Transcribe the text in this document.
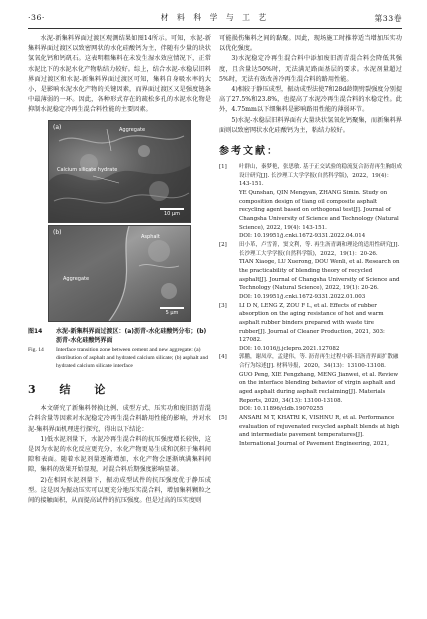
·36·	材 料 科 学 与 工 艺	第33卷

水泥-新集料界面过渡区观测结果如图14所示。可知，水泥-新集料界面过渡区以致密网状的水化硅酸钙为主，伴随有少量的块状氢氧化钙和钙矾石。这表明粗集料在未发生湿水效应情况下，正常水泥比下的水泥水化产物粘结力较好。综上，结合水泥-水稳层旧料界面过渡区和水泥-新集料界面过渡区可知，集料自身吸水率的大小，是影响水泥水化产物的关键因素，而界面过渡区又是强度链条中最薄弱的一环。因此，各种形式存在的疏松多孔的水泥水化物是抑制水泥稳定冷再生混合料性能的主要因素。

(a)	Aggregate
Calcium silicate hydrate
10 μm
(b)
Asphalt
Aggregate
5 μm
图14	水泥-新集料界面过渡区：(a)沥青-水化硅酸钙分布；(b)沥青-水化硅酸钙界面
Fig. 14	Interface transition zone between cement and new aggregate: (a) distribution of asphalt and hydrated calcium silicate; (b) asphalt and hydrated calcium silicate interface
3 结 论

本文研究了新集料替换比例、成型方式、压实功和废旧沥青混合料含量等因素对水泥稳定冷再生混合料路用性能的影响，并对水泥-集料界面机理进行探究，得出以下结论：

1)低水泥剂量下，水泥冷再生混合料的抗压强度增长较快，这是因为水泥的水化反应更充分，水化产物更易生成和沉积于集料间隙和表面。随着水泥剂量逐渐增加，水化产物会逐渐填满集料间隙，集料的效果开始显现，对混合料后期强度影响显著。

2)在相同水泥剂量下，振动成型试件的抗压强度优于静压成型。这是因为振动压实可以更充分地压实混合料，增加集料颗粒之间的接触面积，从而提高试件的抗压强度。但是过高的压实度则

可能损伤集料之间的黏聚。因此，现场施工时推荐适当增加压实功以优化强度。

3)水泥稳定冷再生混合料中添加废旧沥青混合料会降低其强度，且含量达50%时，无法满足路面基层的要求。水泥剂量超过5%时，无法有效改善冷再生混合料的路用性能。

4)相较于静压成型，振动成型法使7和28d龄期劈裂强度分别提高了27.5%和23.8%，也提高了水泥冷再生混合料的水稳定性。此外，4.75mm以下细集料是影响路用性能的薄弱环节。

5)水泥-水稳层旧料界面有大量块状氢氧化钙聚集，而新集料界面则以致密网状水化硅酸钙为主，粘结力较好。

参考文献：
[1] 叶群山，秦梦艳，张思敏. 基于正交试验的稳流复合沥青再生胸组成设计研究[J]. 长沙理工大学学报(自然科学版)，2022，19(4)：143-151.
YE Qunshan, QIN Mengyan, ZHANG Simin. Study on composition design of tiang oil composite asphalt recycling agent based on orthogonal test[J]. Journal of Changsha University of Science and Technology (Natural Science), 2022, 19(4): 143-151.
DOI: 10.19951/j.cnki.1672-9331.2022.04.014
[2] 田小革，卢雪菁，窦文利，等. 再生沥青调和理论的适用性研究[J]. 长沙理工大学学报(自然科学版)，2022，19(1)：20-26.
TIAN Xiaoge, LU Xuerong, DOU Wenli, et al. Research on the practicability of blending theory of recycled asphalt[J]. Journal of Changsha University of Science and Technology (Natural Science), 2022, 19(1): 20-26.
DOI: 10.19951/j.cnki.1672-9331.2022.01.003
[3] LI D N, LENG Z, ZOU F L, et al. Effects of rubber absorption on the aging resistance of hot and warm asphalt rubber binders prepared with waste tire rubber[J]. Journal of Cleaner Production, 2021, 303: 127082.
DOI: 10.1016/j.jclepro.2021.127082
[4] 郭鹏，谢凤章，孟建伟，等. 沥青再生过程中新-旧沥青界面扩散融合行为综述[J]. 材料导报，2020，34(13)：13100-13108.
GUO Peng, XIE Fengzhang, MENG Jianwei, et al. Review on the interface blending behavior of virgin asphalt and aged asphalt during asphalt reclaiming[J]. Materials Reports, 2020, 34(13): 13100-13108.
DOI: 10.11896/cldb.19070255
[5] ANSARI M T, KHATRI K, VISHNU R, et al. Performance evaluation of rejuvenated recycled asphalt blends at high and intermediate pavement temperatures[J]. International Journal of Pavement Engineering, 2021,
